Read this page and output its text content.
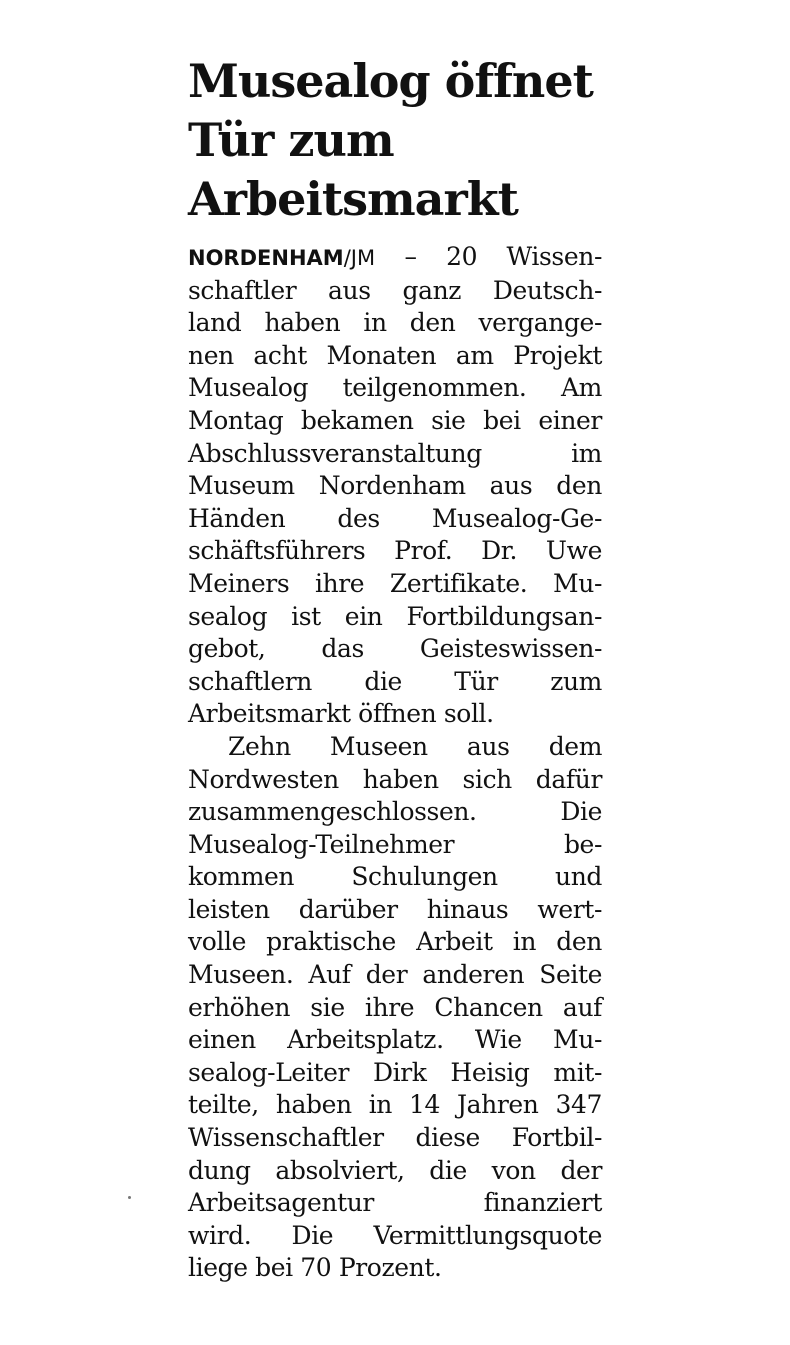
Musealog öffnet
Tür zum
Arbeitsmarkt

NORDENHAM/JM – 20 Wissen-
schaftler aus ganz Deutsch-
land haben in den vergange-
nen acht Monaten am Projekt
Musealog teilgenommen. Am
Montag bekamen sie bei einer
Abschlussveranstaltung im
Museum Nordenham aus den
Händen des Musealog-Ge-
schäftsführers Prof. Dr. Uwe
Meiners ihre Zertifikate. Mu-
sealog ist ein Fortbildungsan-
gebot, das Geisteswissen-
schaftlern die Tür zum
Arbeitsmarkt öffnen soll.

Zehn Museen aus dem
Nordwesten haben sich dafür
zusammengeschlossen. Die
Musealog-Teilnehmer be-
kommen Schulungen und
leisten darüber hinaus wert-
volle praktische Arbeit in den
Museen. Auf der anderen Seite
erhöhen sie ihre Chancen auf
einen Arbeitsplatz. Wie Mu-
sealog-Leiter Dirk Heisig mit-
teilte, haben in 14 Jahren 347
Wissenschaftler diese Fortbil-
dung absolviert, die von der
Arbeitsagentur finanziert
wird. Die Vermittlungsquote
liege bei 70 Prozent.
